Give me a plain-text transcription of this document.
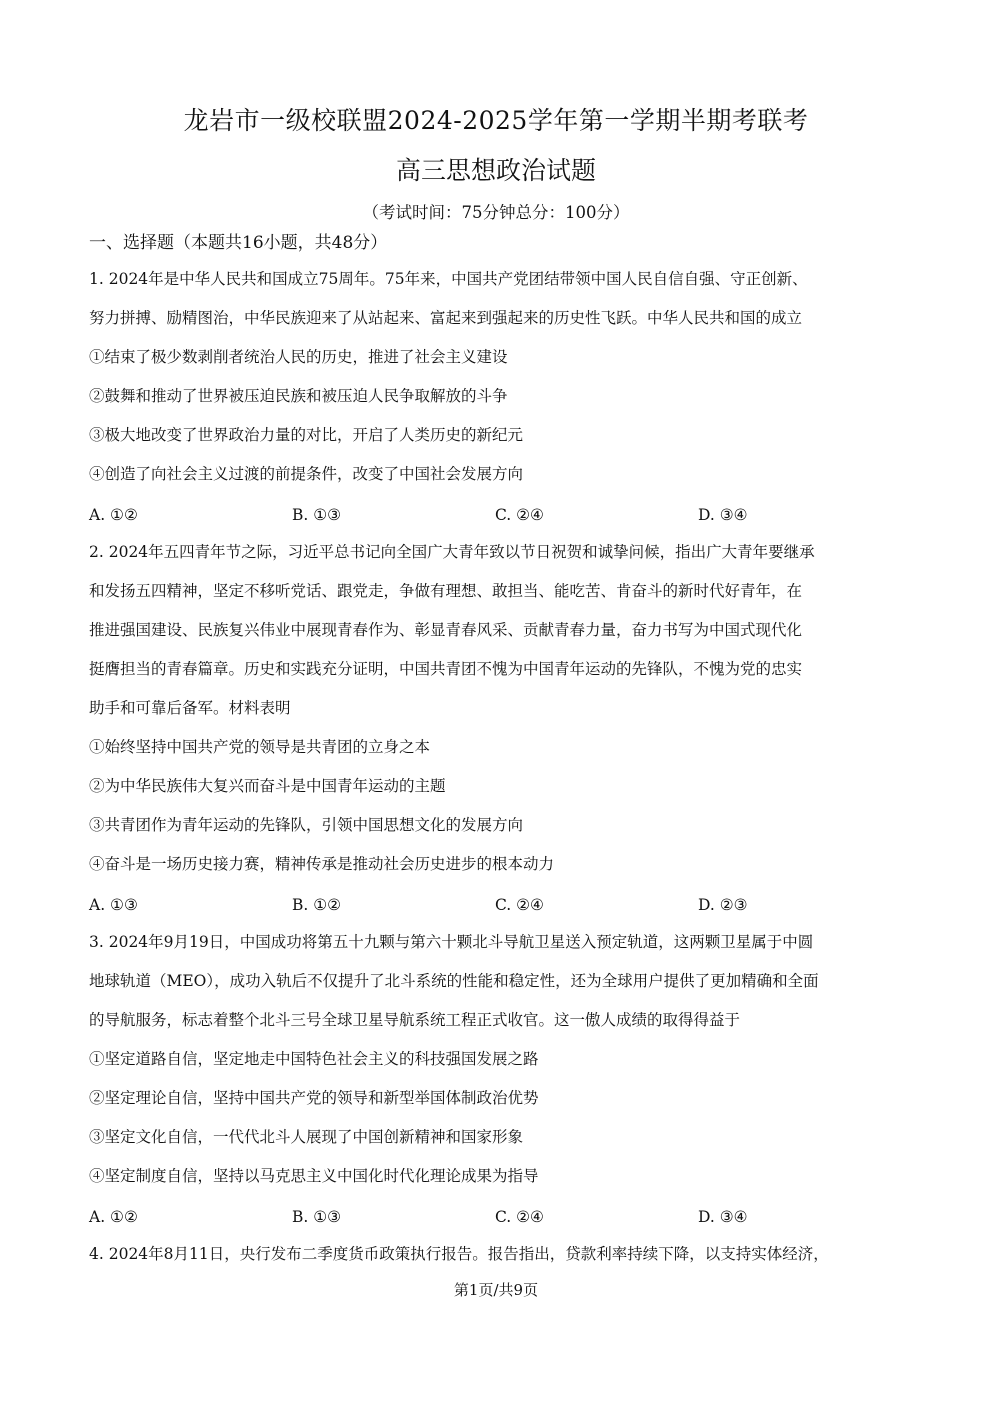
龙岩市一级校联盟2024-2025学年第一学期半期考联考
高三思想政治试题
（考试时间：75分钟总分：100分）
一、选择题（本题共16小题，共48分）
1. 2024年是中华人民共和国成立75周年。75年来，中国共产党团结带领中国人民自信自强、守正创新、
努力拼搏、励精图治，中华民族迎来了从站起来、富起来到强起来的历史性飞跃。中华人民共和国的成立
①结束了极少数剥削者统治人民的历史，推进了社会主义建设
②鼓舞和推动了世界被压迫民族和被压迫人民争取解放的斗争
③极大地改变了世界政治力量的对比，开启了人类历史的新纪元
④创造了向社会主义过渡的前提条件，改变了中国社会发展方向
A. ①②	B. ①③	C. ②④	D. ③④
2. 2024年五四青年节之际，习近平总书记向全国广大青年致以节日祝贺和诚挚问候，指出广大青年要继承
和发扬五四精神，坚定不移听党话、跟党走，争做有理想、敢担当、能吃苦、肯奋斗的新时代好青年，在
推进强国建设、民族复兴伟业中展现青春作为、彰显青春风采、贡献青春力量，奋力书写为中国式现代化
挺膺担当的青春篇章。历史和实践充分证明，中国共青团不愧为中国青年运动的先锋队，不愧为党的忠实
助手和可靠后备军。材料表明
①始终坚持中国共产党的领导是共青团的立身之本
②为中华民族伟大复兴而奋斗是中国青年运动的主题
③共青团作为青年运动的先锋队，引领中国思想文化的发展方向
④奋斗是一场历史接力赛，精神传承是推动社会历史进步的根本动力
A. ①③	B. ①②	C. ②④	D. ②③
3. 2024年9月19日，中国成功将第五十九颗与第六十颗北斗导航卫星送入预定轨道，这两颗卫星属于中圆
地球轨道（MEO），成功入轨后不仅提升了北斗系统的性能和稳定性，还为全球用户提供了更加精确和全面
的导航服务，标志着整个北斗三号全球卫星导航系统工程正式收官。这一傲人成绩的取得得益于
①坚定道路自信，坚定地走中国特色社会主义的科技强国发展之路
②坚定理论自信，坚持中国共产党的领导和新型举国体制政治优势
③坚定文化自信，一代代北斗人展现了中国创新精神和国家形象
④坚定制度自信，坚持以马克思主义中国化时代化理论成果为指导
A. ①②	B. ①③	C. ②④	D. ③④
4. 2024年8月11日，央行发布二季度货币政策执行报告。报告指出，贷款利率持续下降，以支持实体经济，
第1页/共9页
